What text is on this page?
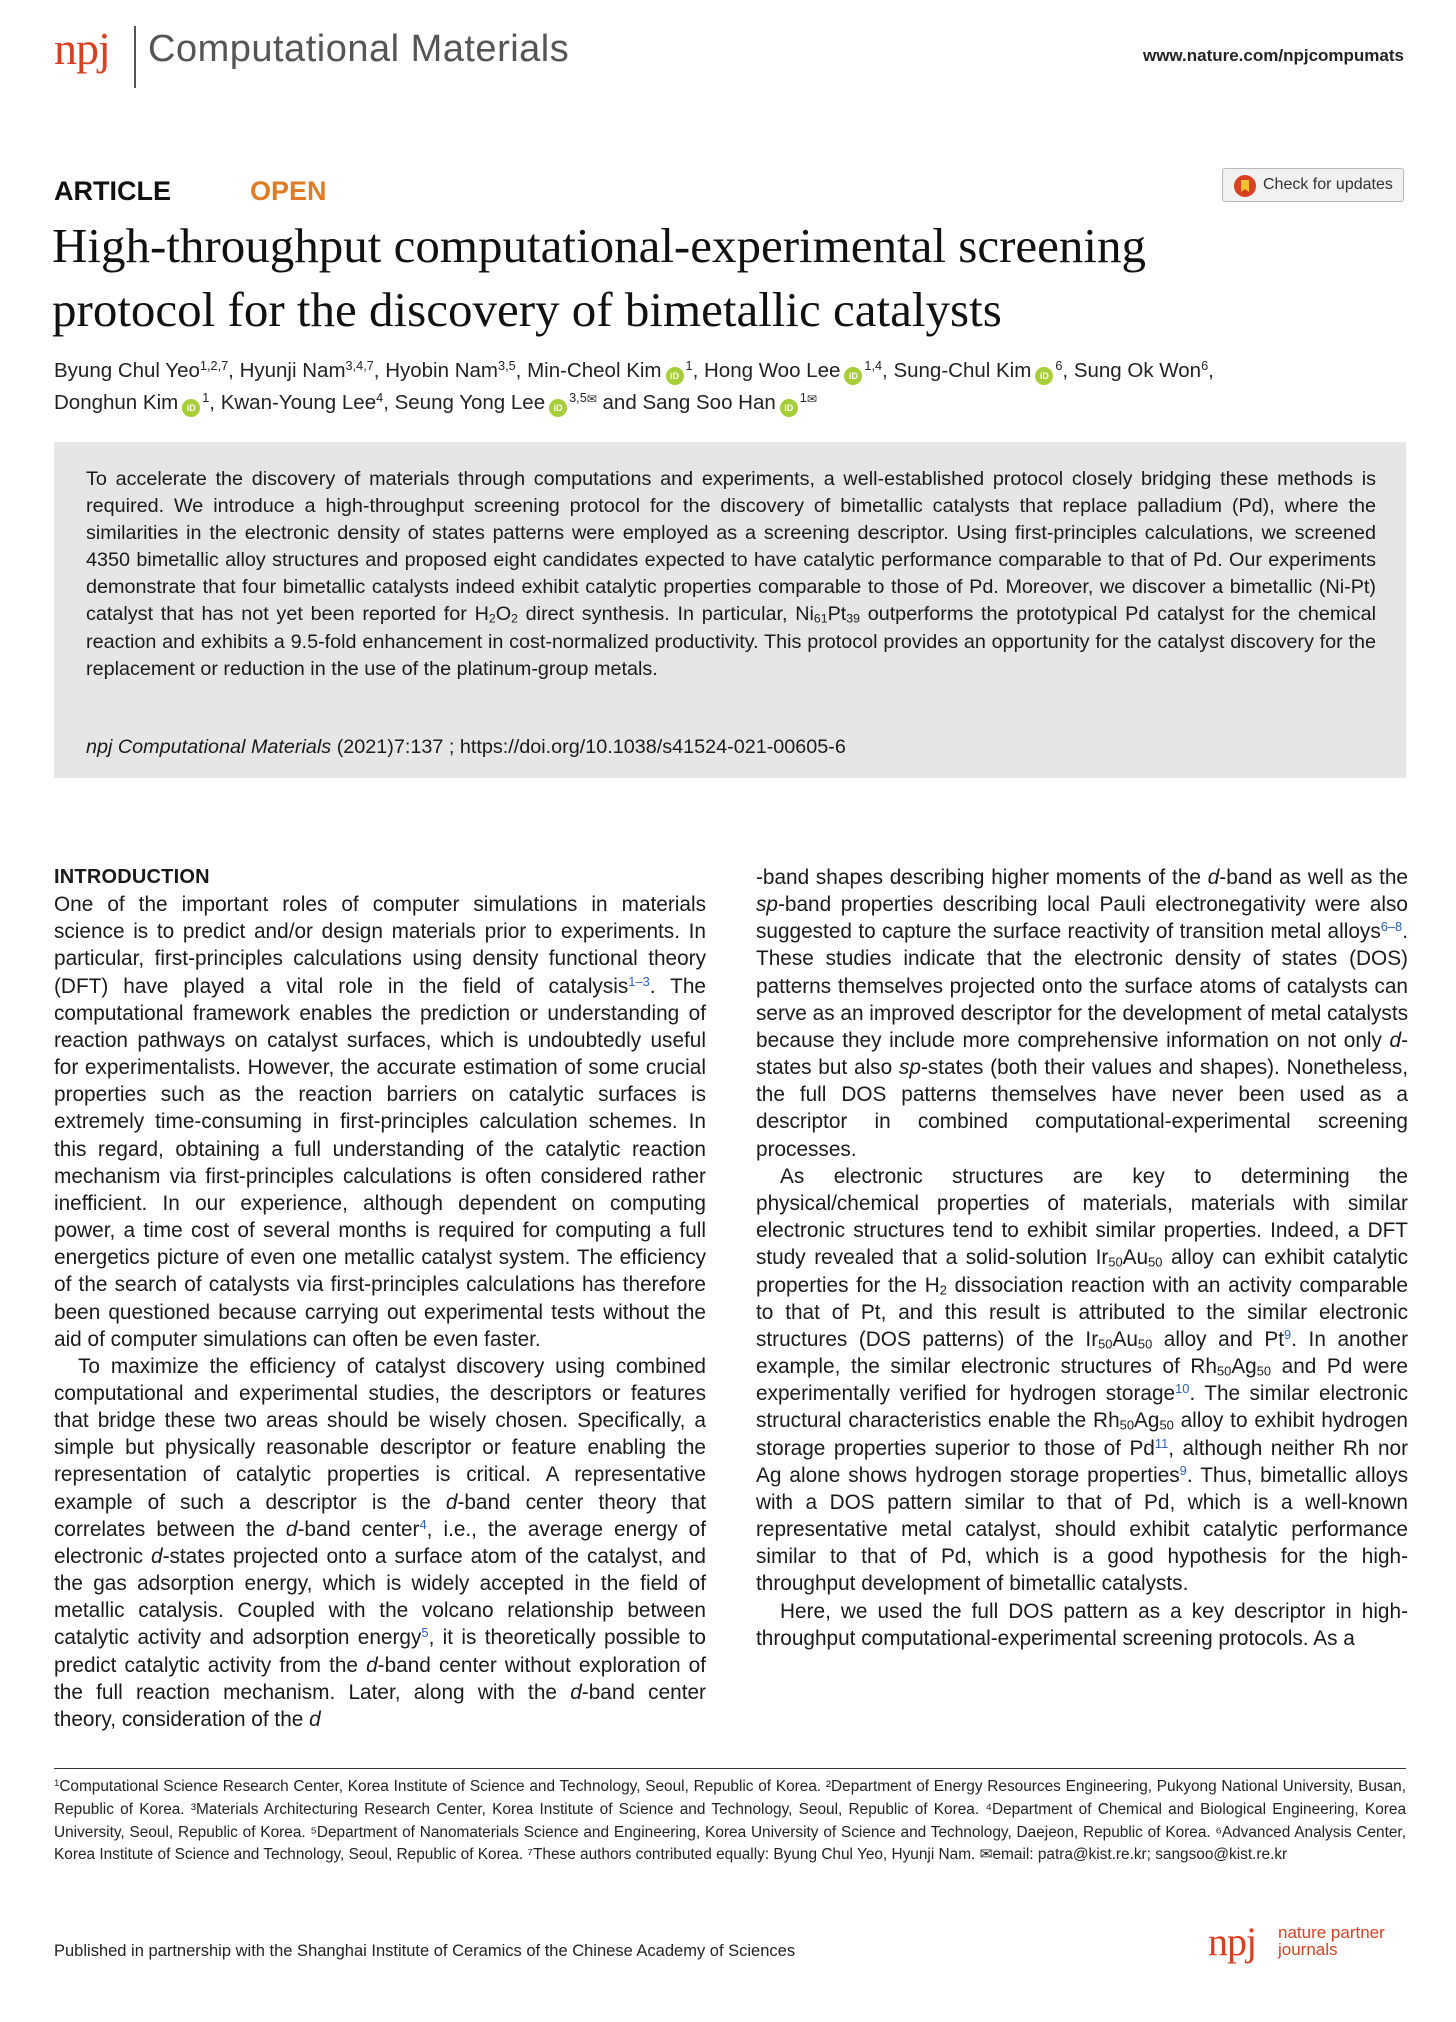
npj Computational Materials	www.nature.com/npjcompumats
ARTICLE	OPEN	Check for updates
High-throughput computational-experimental screening
protocol for the discovery of bimetallic catalysts
Byung Chul Yeo$^{1,2,7}$, Hyunji Nam$^{3,4,7}$, Hyobin Nam$^{3,5}$, Min-Cheol Kim $iD^1$, Hong Woo Lee iD$^{1,4}$, Sung-Chul Kim $iD^6$, Sung Ok Won$^6$,
Donghun Kim $iD^1$, Kwan-Young Lee$^4$, Seung Yong Lee iD$^{3,5}$✉ and Sang Soo Han $iD^1✉$
To accelerate the discovery of materials through computations and experiments, a well-established protocol closely bridging these methods is required. We introduce a high-throughput screening protocol for the discovery of bimetallic catalysts that replace palladium (Pd), where the similarities in the electronic density of states patterns were employed as a screening descriptor. Using first-principles calculations, we screened 4350 bimetallic alloy structures and proposed eight candidates expected to have catalytic performance comparable to that of Pd. Our experiments demonstrate that four bimetallic catalysts indeed exhibit catalytic properties comparable to those of Pd. Moreover, we discover a bimetallic (Ni-Pt) catalyst that has not yet been reported for $H_2O_2$ direct synthesis. In particular, $Ni_{61}Pt_{39}$ outperforms the prototypical Pd catalyst for the chemical reaction and exhibits a 9.5-fold enhancement in cost-normalized productivity. This protocol provides an opportunity for the catalyst discovery for the replacement or reduction in the use of the platinum-group metals.
npj Computational Materials (2021)7:137 ; https://doi.org/10.1038/s41524-021-00605-6

INTRODUCTION

One of the important roles of computer simulations in materials science is to predict and/or design materials prior to experiments. In particular, first-principles calculations using density functional theory (DFT) have played a vital role in the field of catalysis$^{1-3}$. The computational framework enables the prediction or understanding of reaction pathways on catalyst surfaces, which is undoubtedly useful for experimentalists. However, the accurate estimation of some crucial properties such as the reaction barriers on catalytic surfaces is extremely time-consuming in first-principles calculation schemes. In this regard, obtaining a full understanding of the catalytic reaction mechanism via first-principles calculations is often considered rather inefficient. In our experience, although dependent on computing power, a time cost of several months is required for computing a full energetics picture of even one metallic catalyst system. The efficiency of the search of catalysts via first-principles calculations has therefore been questioned because carrying out experimental tests without the aid of computer simulations can often be even faster.

To maximize the efficiency of catalyst discovery using combined computational and experimental studies, the descriptors or features that bridge these two areas should be wisely chosen. Specifically, a simple but physically reasonable descriptor or feature enabling the representation of catalytic properties is critical. A representative example of such a descriptor is the d-band center theory that correlates between the d-band center$^4$, i.e., the average energy of electronic d-states projected onto a surface atom of the catalyst, and the gas adsorption energy, which is widely accepted in the field of metallic catalysis. Coupled with the volcano relationship between catalytic activity and adsorption energy$^5$, it is theoretically possible to predict catalytic activity from the d-band center without exploration of the full reaction mechanism. Later, along with the d-band center theory, consideration of the d

-band shapes describing higher moments of the d-band as well as the sp-band properties describing local Pauli electronegativity were also suggested to capture the surface reactivity of transition metal alloys$^{6-8}$. These studies indicate that the electronic density of states (DOS) patterns themselves projected onto the surface atoms of catalysts can serve as an improved descriptor for the development of metal catalysts because they include more comprehensive information on not only d-states but also sp-states (both their values and shapes). Nonetheless, the full DOS patterns themselves have never been used as a descriptor in combined computational-experimental screening processes.

As electronic structures are key to determining the physical/chemical properties of materials, materials with similar electronic structures tend to exhibit similar properties. Indeed, a DFT study revealed that a solid-solution $Ir_{50}Au_{50}$ alloy can exhibit catalytic properties for the $H_2$ dissociation reaction with an activity comparable to that of Pt, and this result is attributed to the similar electronic structures (DOS patterns) of the $Ir_{50}Au_{50}$ alloy and Pt$^9$. In another example, the similar electronic structures of $Rh_{50}Ag_{50}$ and Pd were experimentally verified for hydrogen storage$^{10}$. The similar electronic structural characteristics enable the $Rh_{50}Ag_{50}$ alloy to exhibit hydrogen storage properties superior to those of Pd$^{11}$, although neither Rh nor Ag alone shows hydrogen storage properties$^9$. Thus, bimetallic alloys with a DOS pattern similar to that of Pd, which is a well-known representative metal catalyst, should exhibit catalytic performance similar to that of Pd, which is a good hypothesis for the high-throughput development of bimetallic catalysts.

Here, we used the full DOS pattern as a key descriptor in high-throughput computational-experimental screening protocols. As a

$^1$Computational Science Research Center, Korea Institute of Science and Technology, Seoul, Republic of Korea. ²Department of Energy Resources Engineering, Pukyong National University, Busan, Republic of Korea. ³Materials Architecturing Research Center, Korea Institute of Science and Technology, Seoul, Republic of Korea. ⁴Department of Chemical and Biological Engineering, Korea University, Seoul, Republic of Korea. ⁵Department of Nanomaterials Science and Engineering, Korea University of Science and Technology, Daejeon, Republic of Korea. ⁶Advanced Analysis Center, Korea Institute of Science and Technology, Seoul, Republic of Korea. ⁷These authors contributed equally: Byung Chul Yeo, Hyunji Nam. ✉email: patra@kist.re.kr; sangsoo@kist.re.kr
Published in partnership with the Shanghai Institute of Ceramics of the Chinese Academy of Sciences	npj nature partner
journals
